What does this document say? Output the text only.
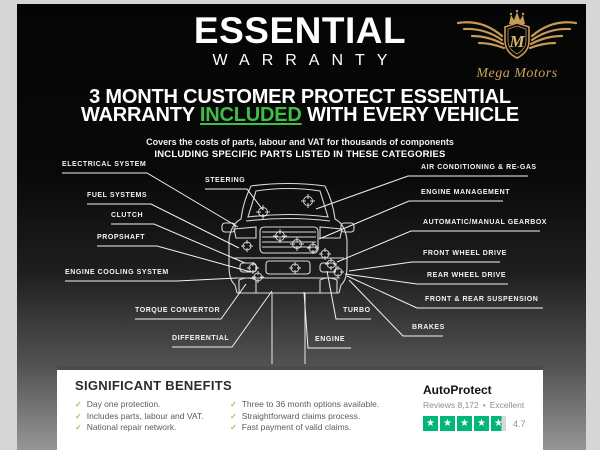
ESSENTIAL
WARRANTY
M
Mega Motors
3 MONTH CUSTOMER PROTECT ESSENTIAL
WARRANTY INCLUDED WITH EVERY VEHICLE
Covers the costs of parts, labour and VAT for thousands of components
INCLUDING SPECIFIC PARTS LISTED IN THESE CATEGORIES
ELECTRICAL SYSTEM
STEERING
FUEL SYSTEMS
CLUTCH
PROPSHAFT
ENGINE COOLING SYSTEM
TORQUE CONVERTOR
DIFFERENTIAL
AIR CONDITIONING & RE-GAS
ENGINE MANAGEMENT
AUTOMATIC/MANUAL GEARBOX
FRONT WHEEL DRIVE
REAR WHEEL DRIVE
FRONT & REAR SUSPENSION
BRAKES
TURBO
ENGINE
SIGNIFICANT BENEFITS
✓ Day one protection.
✓ Includes parts, labour and VAT.
✓ National repair network.
✓ Three to 36 month options available.
✓ Straightforward claims process.
✓ Fast payment of valid claims.
AutoProtect
Reviews 8,172 • Excellent
★ ★ ★ ★ ★	4.7
